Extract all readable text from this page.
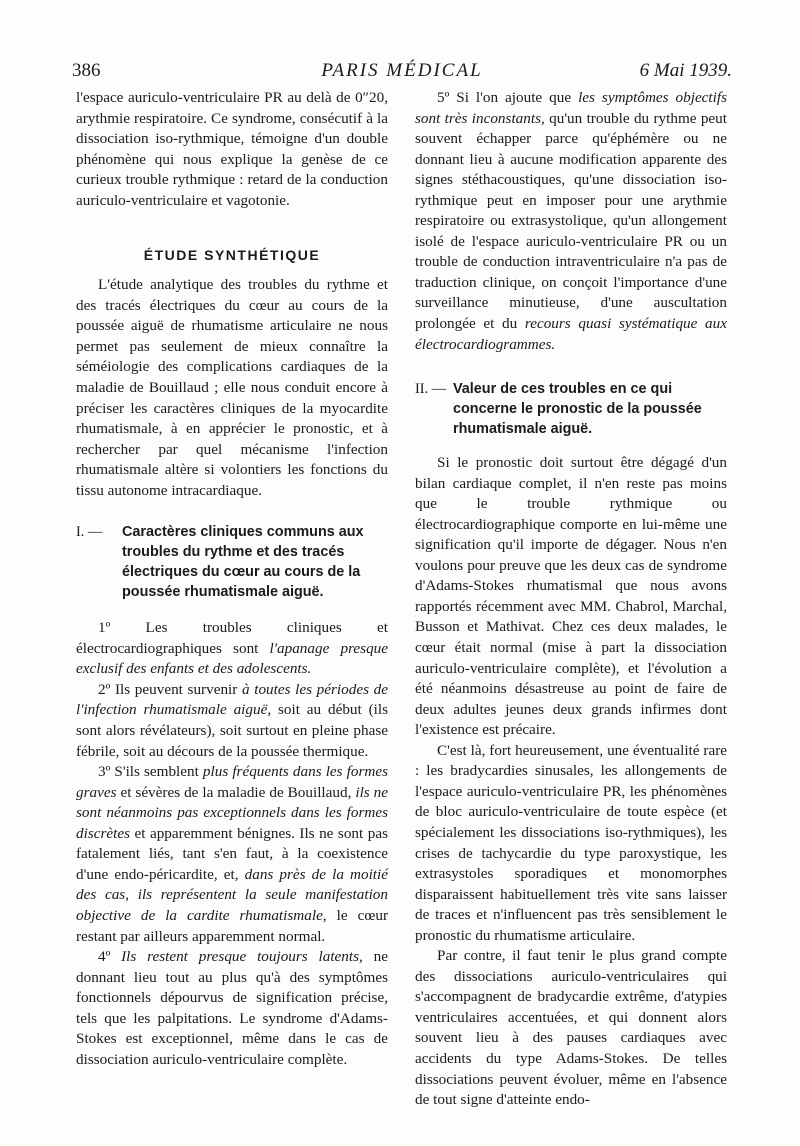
386	PARIS MÉDICAL	6 Mai 1939.

l'espace auriculo-ventriculaire PR au delà de 0″20, arythmie respiratoire. Ce syndrome, consécutif à la dissociation iso-rythmique, témoigne d'un double phénomène qui nous explique la genèse de ce curieux trouble rythmique : retard de la conduction auriculo-ventriculaire et vagotonie.

ÉTUDE SYNTHÉTIQUE

L'étude analytique des troubles du rythme et des tracés électriques du cœur au cours de la poussée aiguë de rhumatisme articulaire ne nous permet pas seulement de mieux connaître la séméiologie des complications cardiaques de la maladie de Bouillaud ; elle nous conduit encore à préciser les caractères cliniques de la myocardite rhumatismale, à en apprécier le pronostic, et à rechercher par quel mécanisme l'infection rhumatismale altère si volontiers les fonctions du tissu autonome intracardiaque.

I. —	Caractères cliniques communs aux troubles du rythme et des tracés électriques du cœur au cours de la poussée rhumatismale aiguë.

1º Les troubles cliniques et électrocardiographiques sont l'apanage presque exclusif des enfants et des adolescents.

2º Ils peuvent survenir à toutes les périodes de l'infection rhumatismale aiguë, soit au début (ils sont alors révélateurs), soit surtout en pleine phase fébrile, soit au décours de la poussée thermique.

3º S'ils semblent plus fréquents dans les formes graves et sévères de la maladie de Bouillaud, ils ne sont néanmoins pas exceptionnels dans les formes discrètes et apparemment bénignes. Ils ne sont pas fatalement liés, tant s'en faut, à la coexistence d'une endo-péricardite, et, dans près de la moitié des cas, ils représentent la seule manifestation objective de la cardite rhumatismale, le cœur restant par ailleurs apparemment normal.

4º Ils restent presque toujours latents, ne donnant lieu tout au plus qu'à des symptômes fonctionnels dépourvus de signification précise, tels que les palpitations. Le syndrome d'Adams-Stokes est exceptionnel, même dans le cas de dissociation auriculo-ventriculaire complète.

5º Si l'on ajoute que les symptômes objectifs sont très inconstants, qu'un trouble du rythme peut souvent échapper parce qu'éphémère ou ne donnant lieu à aucune modification apparente des signes stéthacoustiques, qu'une dissociation iso-rythmique peut en imposer pour une arythmie respiratoire ou extrasystolique, qu'un allongement isolé de l'espace auriculo-ventriculaire PR ou un trouble de conduction intraventriculaire n'a pas de traduction clinique, on conçoit l'importance d'une surveillance minutieuse, d'une auscultation prolongée et du recours quasi systématique aux électrocardiogrammes.

II. —	Valeur de ces troubles en ce qui concerne le pronostic de la poussée rhumatismale aiguë.

Si le pronostic doit surtout être dégagé d'un bilan cardiaque complet, il n'en reste pas moins que le trouble rythmique ou électrocardiographique comporte en lui-même une signification qu'il importe de dégager. Nous n'en voulons pour preuve que les deux cas de syndrome d'Adams-Stokes rhumatismal que nous avons rapportés récemment avec MM. Chabrol, Marchal, Busson et Mathivat. Chez ces deux malades, le cœur était normal (mise à part la dissociation auriculo-ventriculaire complète), et l'évolution a été néanmoins désastreuse au point de faire de deux adultes jeunes deux grands infirmes dont l'existence est précaire.

C'est là, fort heureusement, une éventualité rare : les bradycardies sinusales, les allongements de l'espace auriculo-ventriculaire PR, les phénomènes de bloc auriculo-ventriculaire de toute espèce (et spécialement les dissociations iso-rythmiques), les crises de tachycardie du type paroxystique, les extrasystoles sporadiques et monomorphes disparaissent habituellement très vite sans laisser de traces et n'influencent pas très sensiblement le pronostic du rhumatisme articulaire.

Par contre, il faut tenir le plus grand compte des dissociations auriculo-ventriculaires qui s'accompagnent de bradycardie extrême, d'atypies ventriculaires accentuées, et qui donnent alors souvent lieu à des pauses cardiaques avec accidents du type Adams-Stokes. De telles dissociations peuvent évoluer, même en l'absence de tout signe d'atteinte endo-
